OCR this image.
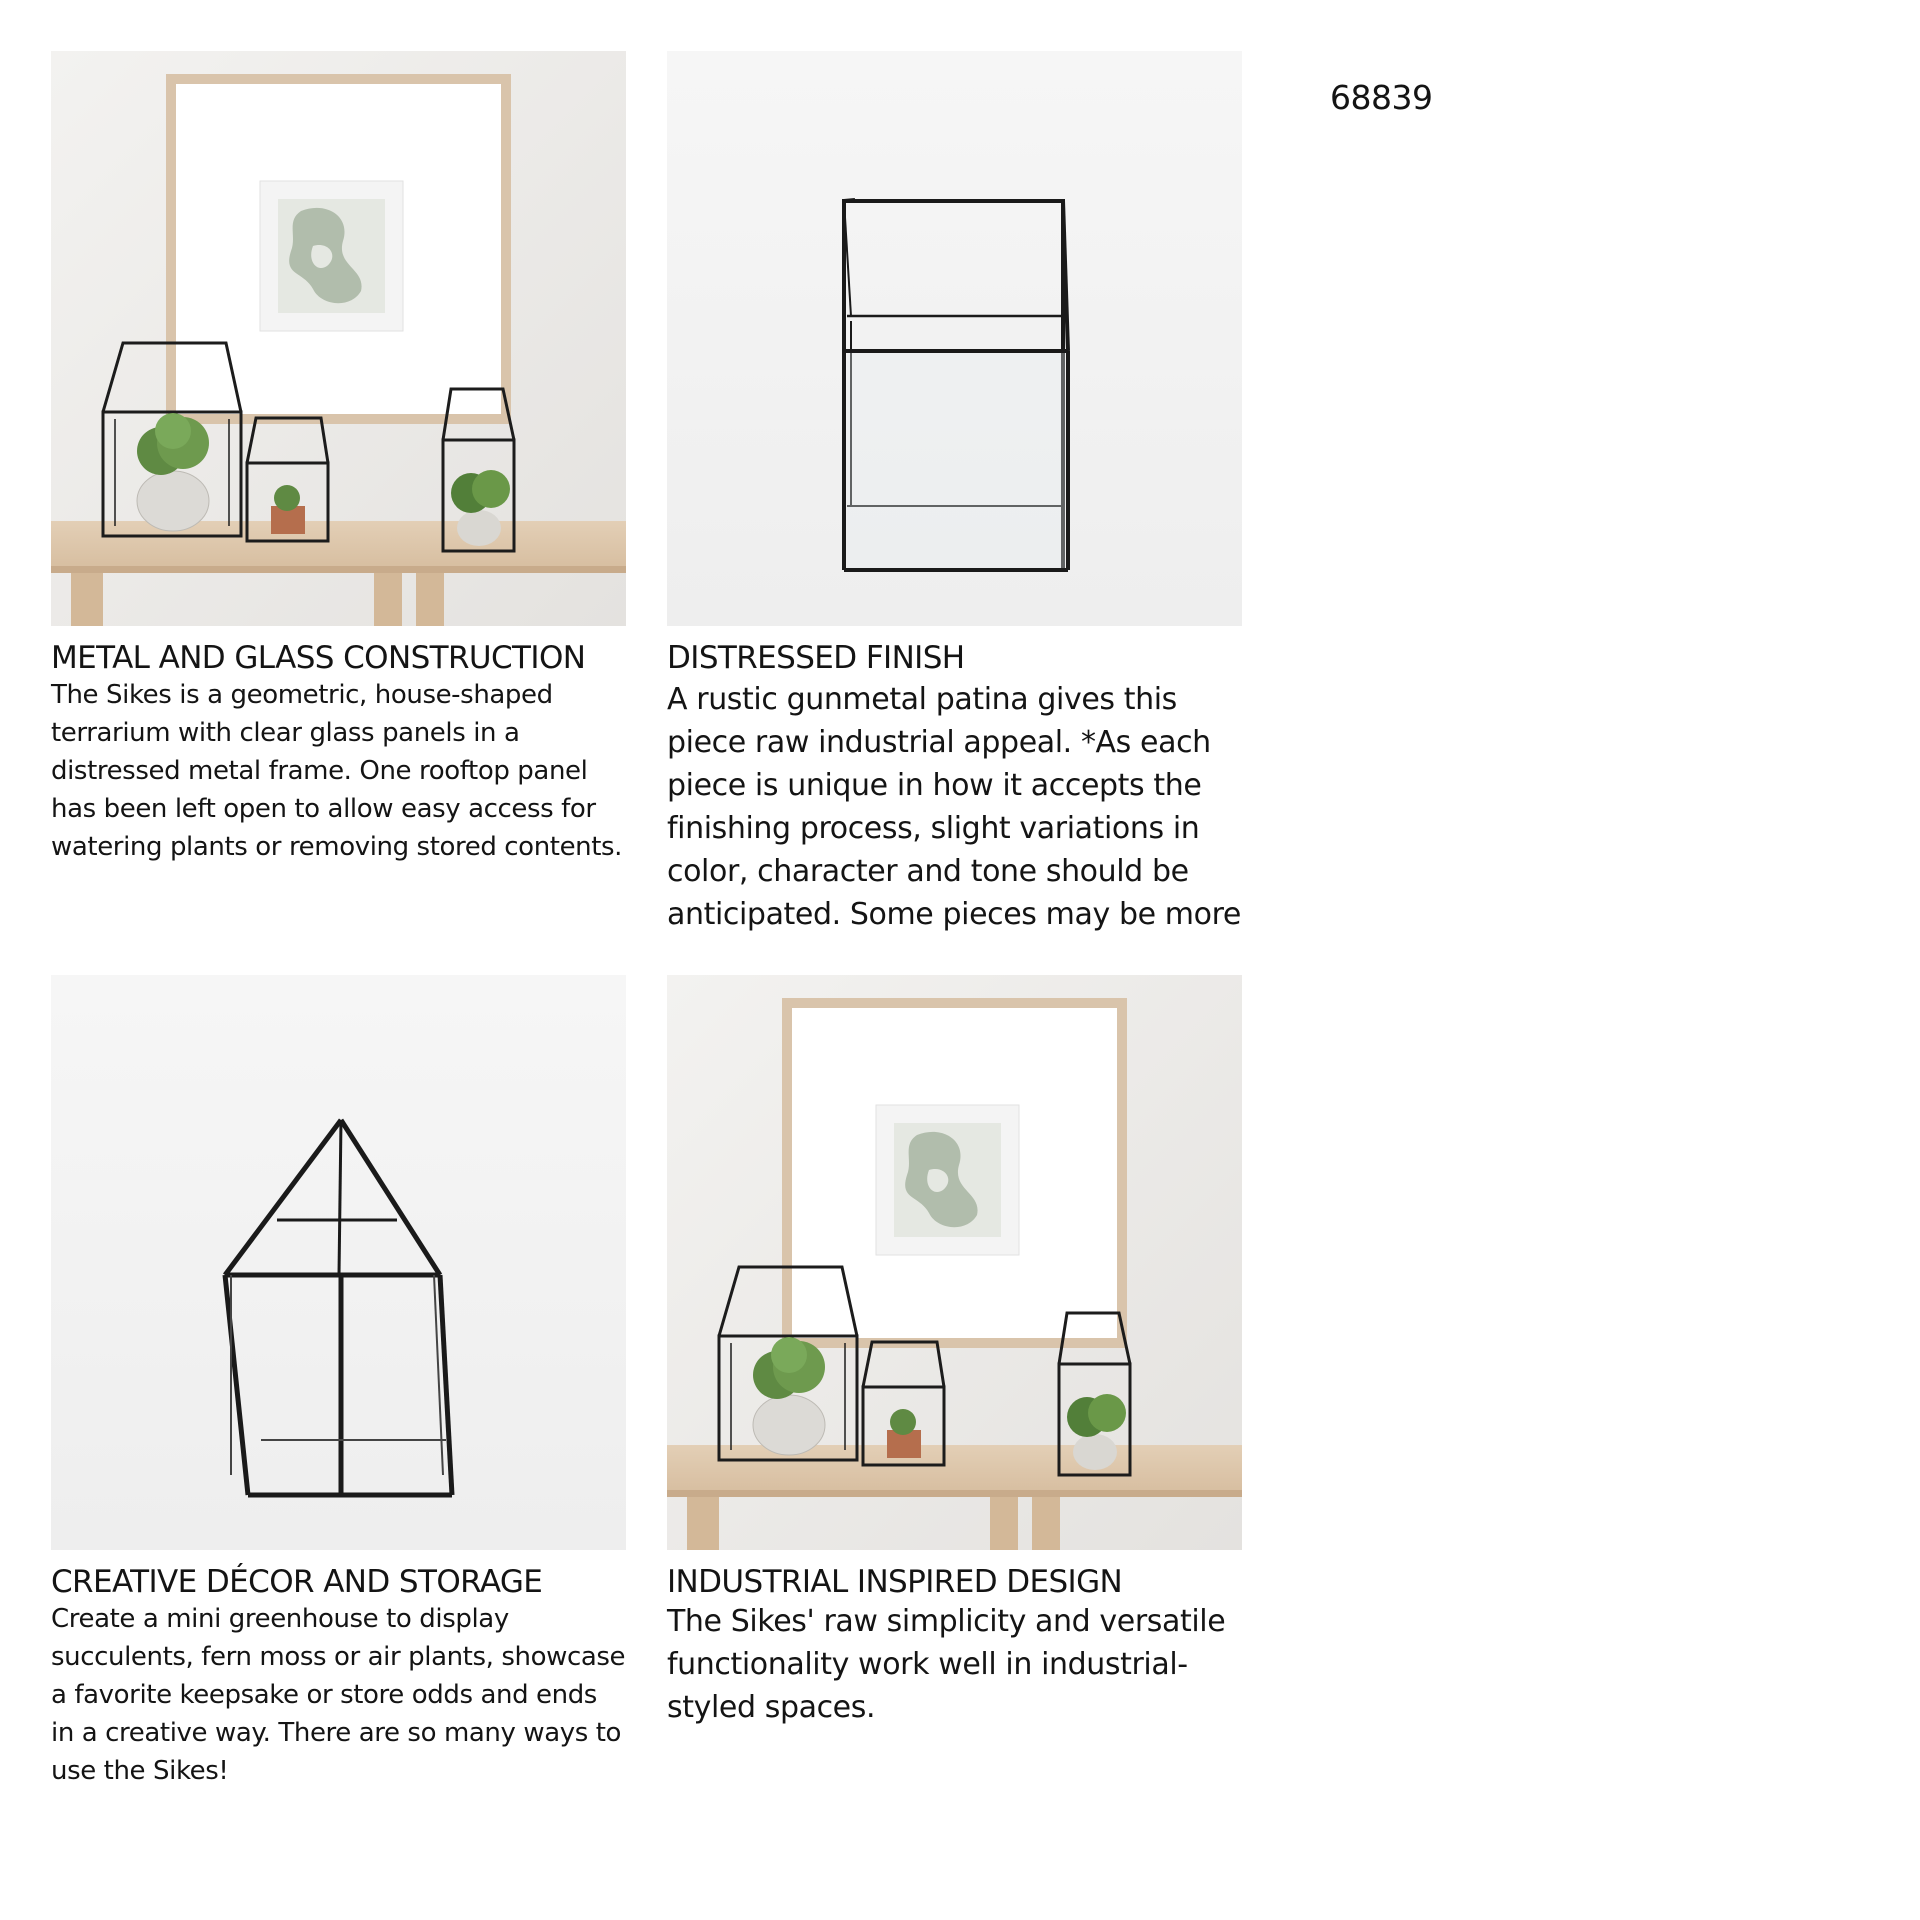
68839
METAL AND GLASS CONSTRUCTION

The Sikes is a geometric, house-shaped terrarium with clear glass panels in a distressed metal frame. One rooftop panel has been left open to allow easy access for watering plants or removing stored contents.

DISTRESSED FINISH

A rustic gunmetal patina gives this piece raw industrial appeal. *As each piece is unique in how it accepts the finishing process, slight variations in color, character and tone should be anticipated. Some pieces may be more

CREATIVE DÉCOR AND STORAGE

Create a mini greenhouse to display succulents, fern moss or air plants, showcase a favorite keepsake or store odds and ends in a creative way. There are so many ways to use the Sikes!

INDUSTRIAL INSPIRED DESIGN

The Sikes' raw simplicity and versatile functionality work well in industrial-styled spaces.
